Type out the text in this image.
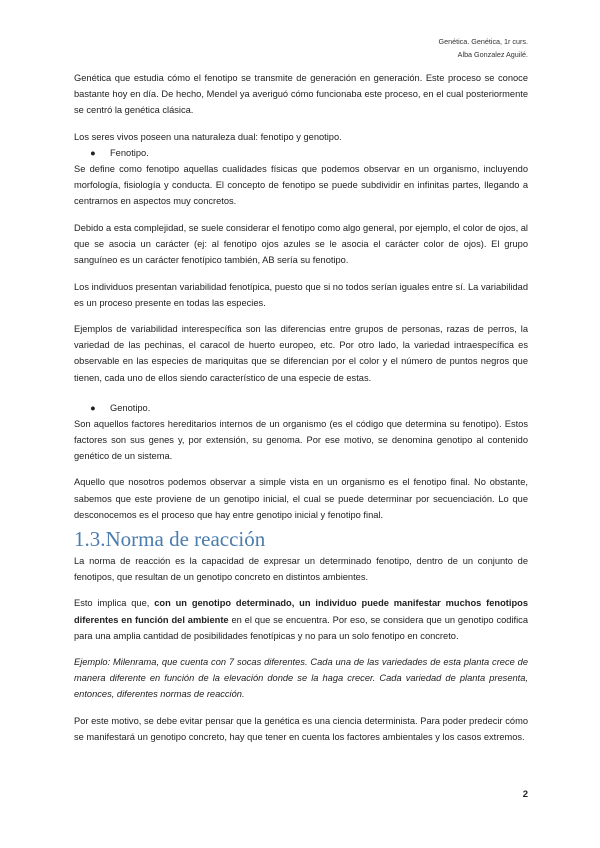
Genética. Genética, 1r curs.
Alba Gonzalez Aguilé.

Genética que estudia cómo el fenotipo se transmite de generación en generación. Este proceso se conoce bastante hoy en día. De hecho, Mendel ya averiguó cómo funcionaba este proceso, en el cual posteriormente se centró la genética clásica.

Los seres vivos poseen una naturaleza dual: fenotipo y genotipo.

● Fenotipo.

Se define como fenotipo aquellas cualidades físicas que podemos observar en un organismo, incluyendo morfología, fisiología y conducta. El concepto de fenotipo se puede subdividir en infinitas partes, llegando a centrarnos en aspectos muy concretos.

Debido a esta complejidad, se suele considerar el fenotipo como algo general, por ejemplo, el color de ojos, al que se asocia un carácter (ej: al fenotipo ojos azules se le asocia el carácter color de ojos). El grupo sanguíneo es un carácter fenotípico también, AB sería su fenotipo.

Los individuos presentan variabilidad fenotípica, puesto que si no todos serían iguales entre sí. La variabilidad es un proceso presente en todas las especies.

Ejemplos de variabilidad interespecífica son las diferencias entre grupos de personas, razas de perros, la variedad de las pechinas, el caracol de huerto europeo, etc. Por otro lado, la variedad intraespecífica es observable en las especies de mariquitas que se diferencian por el color y el número de puntos negros que tienen, cada uno de ellos siendo característico de una especie de estas.

● Genotipo.

Son aquellos factores hereditarios internos de un organismo (es el código que determina su fenotipo). Estos factores son sus genes y, por extensión, su genoma. Por ese motivo, se denomina genotipo al contenido genético de un sistema.

Aquello que nosotros podemos observar a simple vista en un organismo es el fenotipo final. No obstante, sabemos que este proviene de un genotipo inicial, el cual se puede determinar por secuenciación. Lo que desconocemos es el proceso que hay entre genotipo inicial y fenotipo final.

1.3.Norma de reacción

La norma de reacción es la capacidad de expresar un determinado fenotipo, dentro de un conjunto de fenotipos, que resultan de un genotipo concreto en distintos ambientes.

Esto implica que, con un genotipo determinado, un individuo puede manifestar muchos fenotipos diferentes en función del ambiente en el que se encuentra. Por eso, se considera que un genotipo codifica para una amplia cantidad de posibilidades fenotípicas y no para un solo fenotipo en concreto.

Ejemplo: Milenrama, que cuenta con 7 socas diferentes. Cada una de las variedades de esta planta crece de manera diferente en función de la elevación donde se la haga crecer. Cada variedad de planta presenta, entonces, diferentes normas de reacción.

Por este motivo, se debe evitar pensar que la genética es una ciencia determinista. Para poder predecir cómo se manifestará un genotipo concreto, hay que tener en cuenta los factores ambientales y los casos extremos.

2
